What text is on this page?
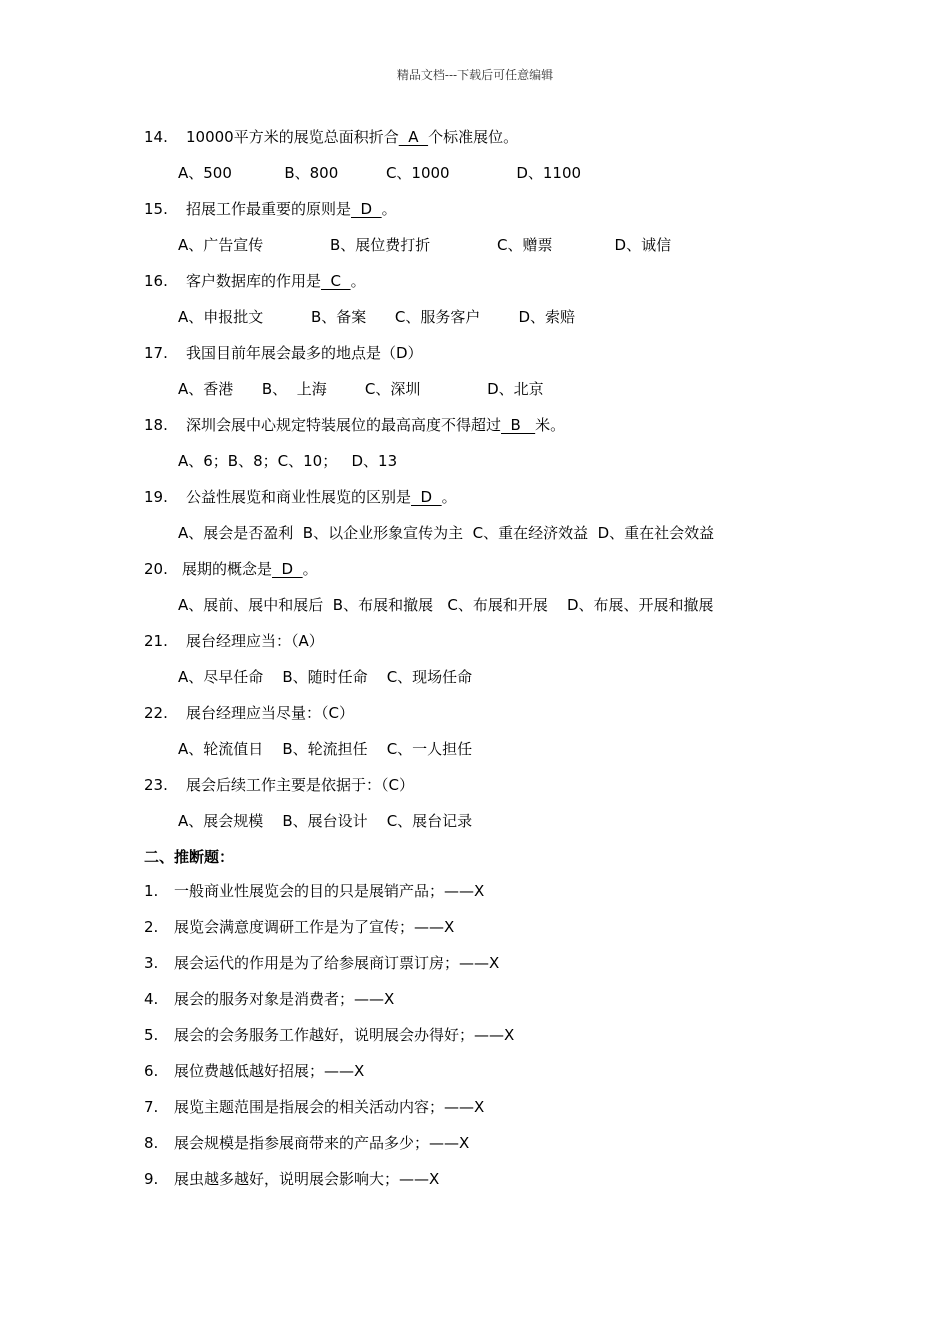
精品文档---下载后可任意编辑
14. 10000平方米的展览总面积折合  A  个标准展位。
A、500           B、800          C、1000              D、1100
15. 招展工作最重要的原则是  D  。
A、广告宣传              B、展位费打折              C、赠票             D、诚信
16. 客户数据库的作用是  C  。
A、申报批文          B、备案      C、服务客户        D、索赔
17. 我国目前年展会最多的地点是（D）
A、香港      B、  上海        C、深圳              D、北京
18. 深圳会展中心规定特装展位的最高高度不得超过  B   米。
A、6；B、8；C、10；   D、13
19. 公益性展览和商业性展览的区别是  D  。
A、展会是否盈利  B、以企业形象宣传为主  C、重在经济效益  D、重在社会效益
20. 展期的概念是  D  。
A、展前、展中和展后  B、布展和撤展   C、布展和开展    D、布展、开展和撤展
21. 展台经理应当：（A）
A、尽早任命    B、随时任命    C、现场任命
22. 展台经理应当尽量：（C）
A、轮流值日    B、轮流担任    C、一人担任
23. 展会后续工作主要是依据于：（C）
A、展会规模    B、展台设计    C、展台记录
二、推断题：
1. 一般商业性展览会的目的只是展销产品；——X
2. 展览会满意度调研工作是为了宣传；——X
3. 展会运代的作用是为了给参展商订票订房；——X
4. 展会的服务对象是消费者；——X
5. 展会的会务服务工作越好，说明展会办得好；——X
6. 展位费越低越好招展；——X
7. 展览主题范围是指展会的相关活动内容；——X
8. 展会规模是指参展商带来的产品多少；——X
9. 展虫越多越好，说明展会影响大；——X
